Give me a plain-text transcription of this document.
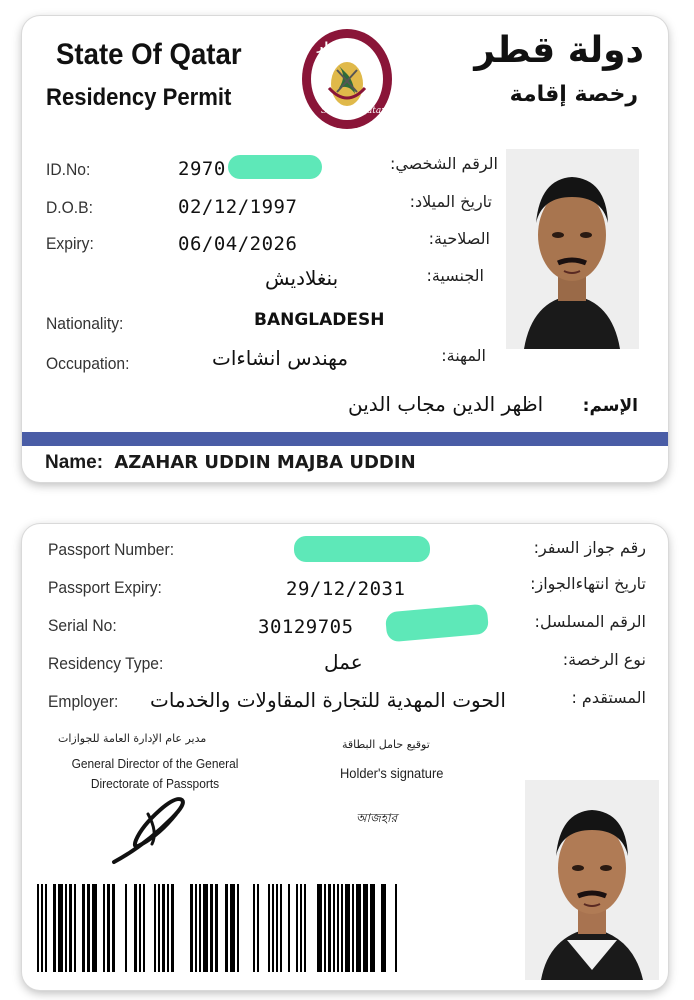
State Of Qatar
Residency Permit
دولة قطر
رخصة إقامة
دولة قطر
State of Qatar
ID.No:	2970	الرقم الشخصي:
D.O.B:	02/12/1997	تاريخ الميلاد:
Expiry:	06/04/2026	الصلاحية:
بنغلاديش	الجنسية:
Nationality:	BANGLADESH
Occupation:	مهندس انشاءات	المهنة:
اظهر الدين مجاب الدين الإسم:
Name: AZAHAR UDDIN MAJBA UDDIN
Passport Number:	رقم جواز السفر:
Passport Expiry:	29/12/2031	تاريخ انتهاءالجواز:
Serial No:	30129705	الرقم المسلسل:
Residency Type:	عمل	نوع الرخصة:
Employer: الحوت المهدية للتجارة المقاولات والخدمات	المستقدم :
مدير عام الإدارة العامة للجوازات
General Director of the General
Directorate of Passports
توقيع حامل البطاقة
Holder's signature
আজহার
